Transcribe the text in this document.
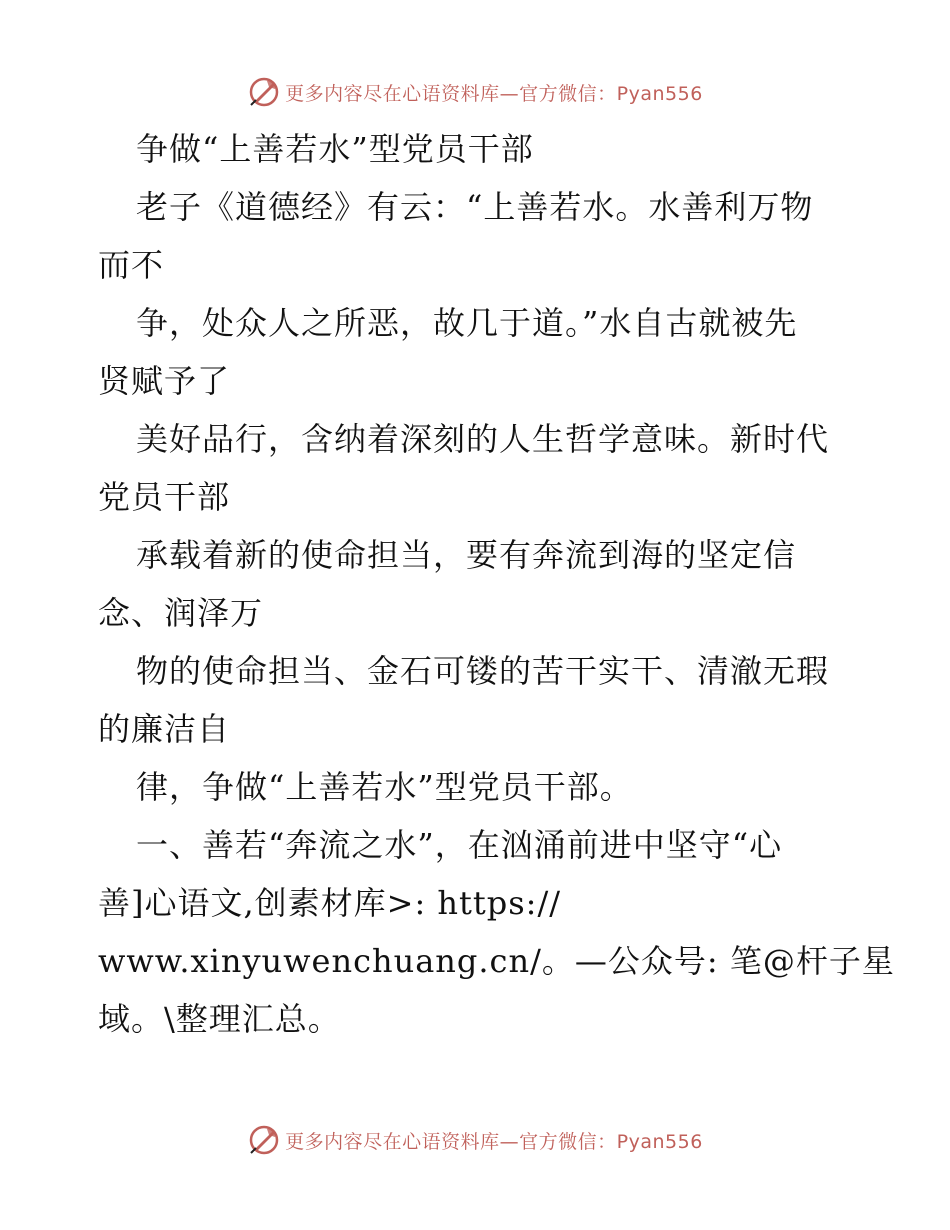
更多内容尽在心语资料库—官方微信：Pyan556
争做“上善若水”型党员干部
老子《道德经》有云：“上善若水。水善利万物
而不
争，处众人之所恶，故几于道。”水自古就被先
贤赋予了
美好品行，含纳着深刻的人生哲学意味。新时代
党员干部
承载着新的使命担当，要有奔流到海的坚定信
念、润泽万
物的使命担当、金石可镂的苦干实干、清澈无瑕
的廉洁自
律，争做“上善若水”型党员干部。
一、善若“奔流之水”，在汹涌前进中坚守“心
善]心语文,创素材库>: https://
www.xinyuwenchuang.cn/。—公众号: 笔@杆子星
域。\整理汇总。
更多内容尽在心语资料库—官方微信：Pyan556
